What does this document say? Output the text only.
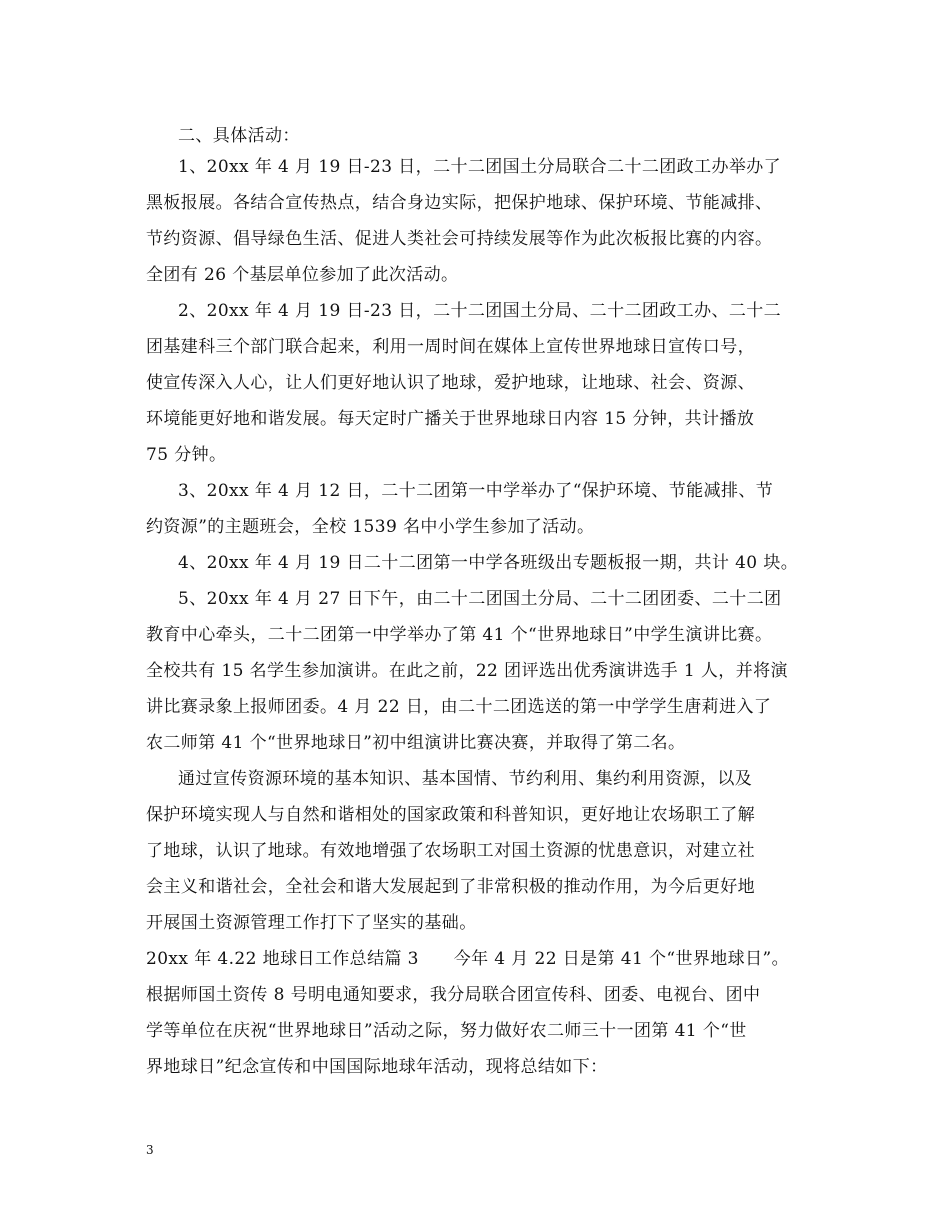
二、具体活动：
1、20xx 年 4 月 19 日-23 日，二十二团国土分局联合二十二团政工办举办了
黑板报展。各结合宣传热点，结合身边实际，把保护地球、保护环境、节能减排、
节约资源、倡导绿色生活、促进人类社会可持续发展等作为此次板报比赛的内容。
全团有 26 个基层单位参加了此次活动。
2、20xx 年 4 月 19 日-23 日，二十二团国土分局、二十二团政工办、二十二
团基建科三个部门联合起来，利用一周时间在媒体上宣传世界地球日宣传口号，
使宣传深入人心，让人们更好地认识了地球，爱护地球，让地球、社会、资源、
环境能更好地和谐发展。每天定时广播关于世界地球日内容 15 分钟，共计播放
75 分钟。
3、20xx 年 4 月 12 日，二十二团第一中学举办了“保护环境、节能减排、节
约资源”的主题班会，全校 1539 名中小学生参加了活动。
4、20xx 年 4 月 19 日二十二团第一中学各班级出专题板报一期，共计 40 块。
5、20xx 年 4 月 27 日下午，由二十二团国土分局、二十二团团委、二十二团
教育中心牵头，二十二团第一中学举办了第 41 个“世界地球日”中学生演讲比赛。
全校共有 15 名学生参加演讲。在此之前，22 团评选出优秀演讲选手 1 人，并将演
讲比赛录象上报师团委。4 月 22 日，由二十二团选送的第一中学学生唐莉进入了
农二师第 41 个“世界地球日”初中组演讲比赛决赛，并取得了第二名。
通过宣传资源环境的基本知识、基本国情、节约利用、集约利用资源，以及
保护环境实现人与自然和谐相处的国家政策和科普知识，更好地让农场职工了解
了地球，认识了地球。有效地增强了农场职工对国土资源的忧患意识，对建立社
会主义和谐社会，全社会和谐大发展起到了非常积极的推动作用，为今后更好地
开展国土资源管理工作打下了坚实的基础。
20xx 年 4.22 地球日工作总结篇 3　　今年 4 月 22 日是第 41 个“世界地球日”。
根据师国土资传 8 号明电通知要求，我分局联合团宣传科、团委、电视台、团中
学等单位在庆祝“世界地球日”活动之际，努力做好农二师三十一团第 41 个“世
界地球日”纪念宣传和中国国际地球年活动，现将总结如下：
3
